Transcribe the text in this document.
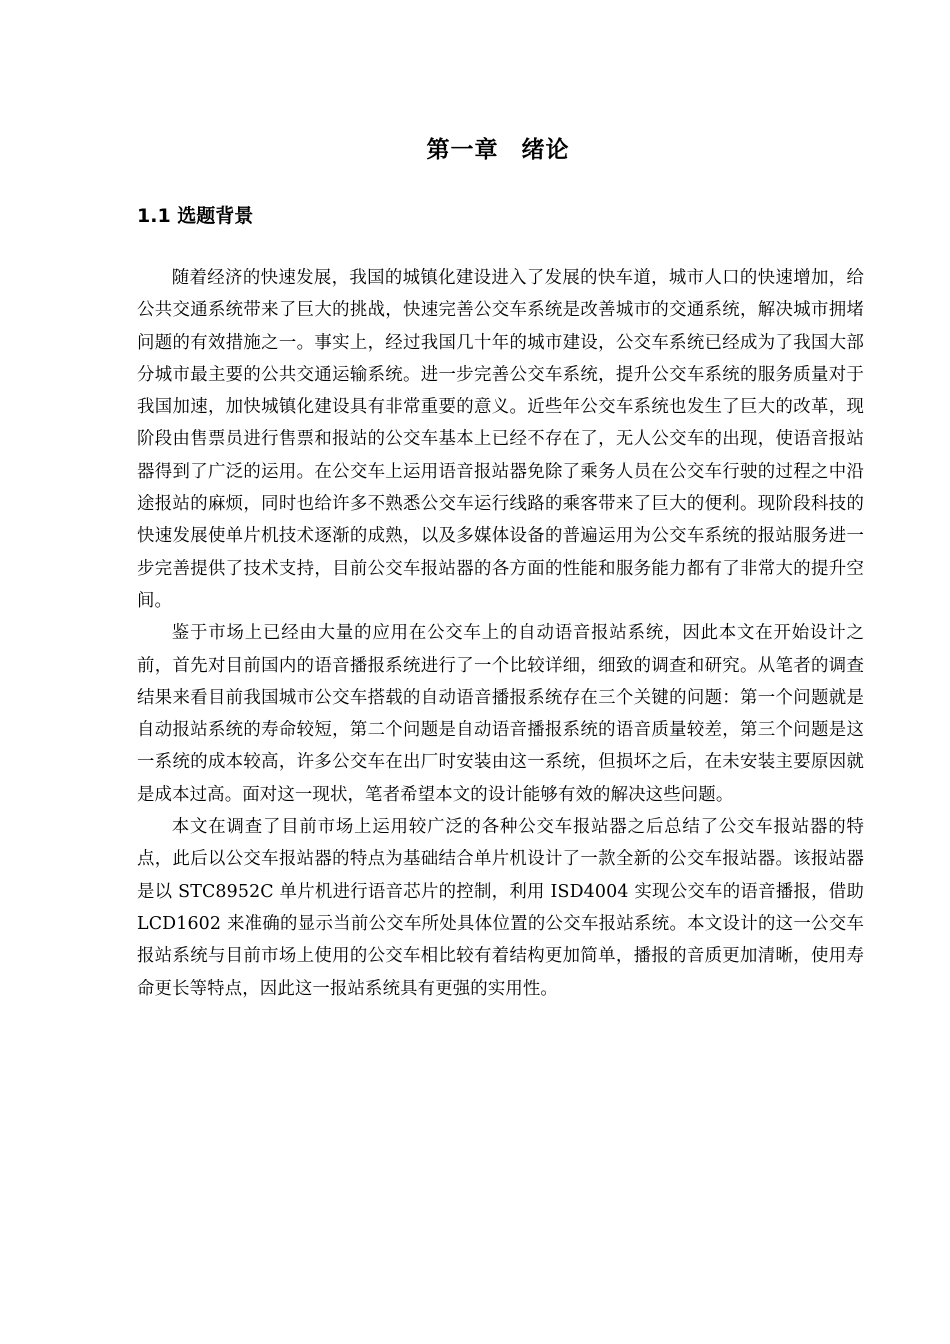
第一章 绪论
1.1 选题背景

随着经济的快速发展，我国的城镇化建设进入了发展的快车道，城市人口的快速增加，给公共交通系统带来了巨大的挑战，快速完善公交车系统是改善城市的交通系统，解决城市拥堵问题的有效措施之一。事实上，经过我国几十年的城市建设，公交车系统已经成为了我国大部分城市最主要的公共交通运输系统。进一步完善公交车系统，提升公交车系统的服务质量对于我国加速，加快城镇化建设具有非常重要的意义。近些年公交车系统也发生了巨大的改革，现阶段由售票员进行售票和报站的公交车基本上已经不存在了，无人公交车的出现，使语音报站器得到了广泛的运用。在公交车上运用语音报站器免除了乘务人员在公交车行驶的过程之中沿途报站的麻烦，同时也给许多不熟悉公交车运行线路的乘客带来了巨大的便利。现阶段科技的快速发展使单片机技术逐渐的成熟，以及多媒体设备的普遍运用为公交车系统的报站服务进一步完善提供了技术支持，目前公交车报站器的各方面的性能和服务能力都有了非常大的提升空间。

鉴于市场上已经由大量的应用在公交车上的自动语音报站系统，因此本文在开始设计之前，首先对目前国内的语音播报系统进行了一个比较详细，细致的调查和研究。从笔者的调查结果来看目前我国城市公交车搭载的自动语音播报系统存在三个关键的问题：第一个问题就是自动报站系统的寿命较短，第二个问题是自动语音播报系统的语音质量较差，第三个问题是这一系统的成本较高，许多公交车在出厂时安装由这一系统，但损坏之后，在未安装主要原因就是成本过高。面对这一现状，笔者希望本文的设计能够有效的解决这些问题。

本文在调查了目前市场上运用较广泛的各种公交车报站器之后总结了公交车报站器的特点，此后以公交车报站器的特点为基础结合单片机设计了一款全新的公交车报站器。该报站器是以 STC8952C 单片机进行语音芯片的控制，利用 ISD4004 实现公交车的语音播报，借助 LCD1602 来准确的显示当前公交车所处具体位置的公交车报站系统。本文设计的这一公交车报站系统与目前市场上使用的公交车相比较有着结构更加简单，播报的音质更加清晰，使用寿命更长等特点，因此这一报站系统具有更强的实用性。
